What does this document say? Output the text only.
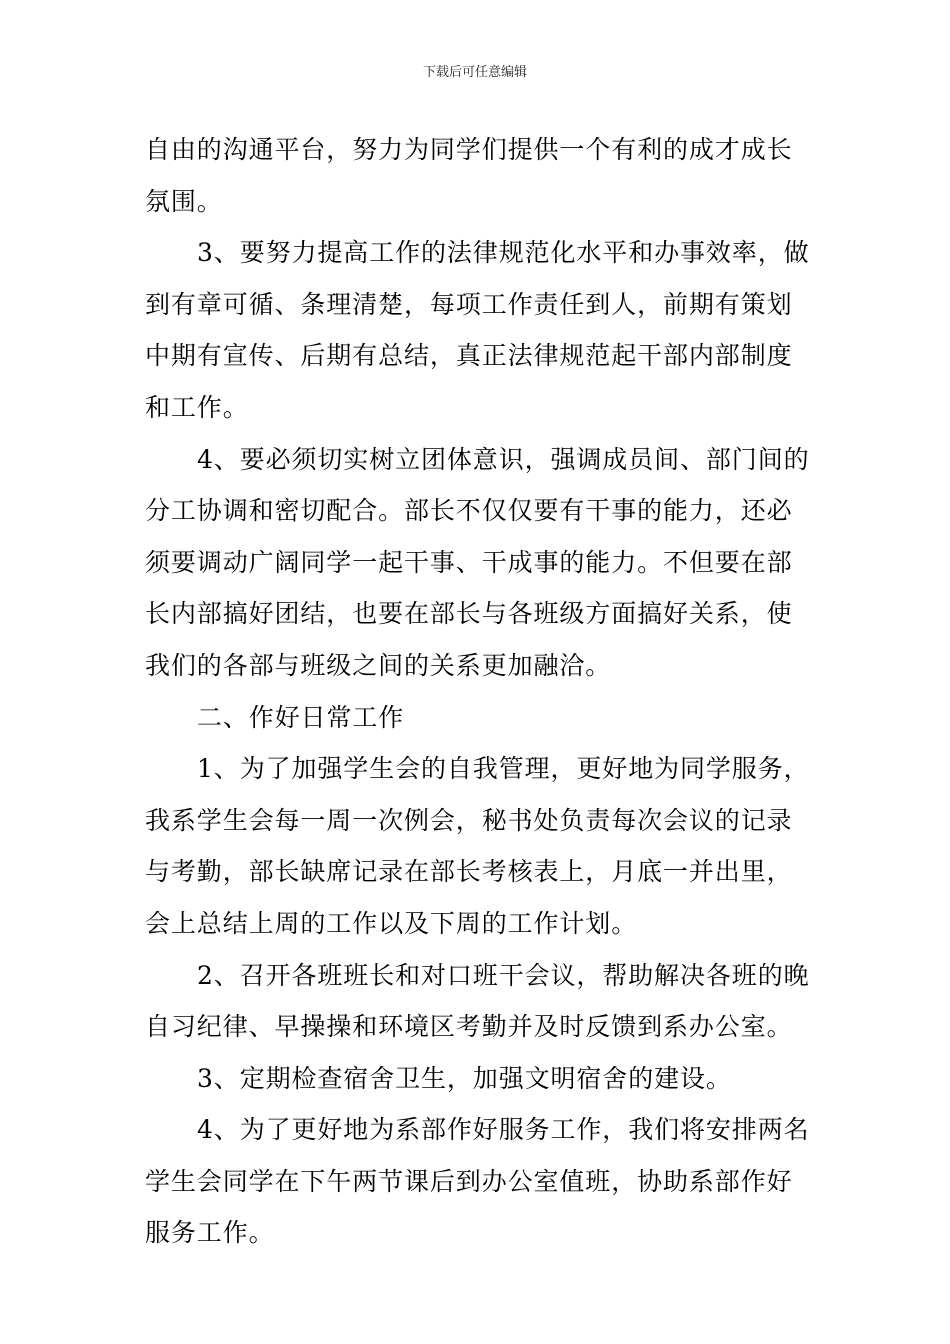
下载后可任意编辑
自由的沟通平台，努力为同学们提供一个有利的成才成长
氛围。
3、要努力提高工作的法律规范化水平和办事效率，做
到有章可循、条理清楚，每项工作责任到人，前期有策划
中期有宣传、后期有总结，真正法律规范起干部内部制度
和工作。
4、要必须切实树立团体意识，强调成员间、部门间的
分工协调和密切配合。部长不仅仅要有干事的能力，还必
须要调动广阔同学一起干事、干成事的能力。不但要在部
长内部搞好团结，也要在部长与各班级方面搞好关系，使
我们的各部与班级之间的关系更加融洽。
二、作好日常工作
1、为了加强学生会的自我管理，更好地为同学服务，
我系学生会每一周一次例会，秘书处负责每次会议的记录
与考勤，部长缺席记录在部长考核表上，月底一并出里，
会上总结上周的工作以及下周的工作计划。
2、召开各班班长和对口班干会议，帮助解决各班的晚
自习纪律、早操操和环境区考勤并及时反馈到系办公室。
3、定期检查宿舍卫生，加强文明宿舍的建设。
4、为了更好地为系部作好服务工作，我们将安排两名
学生会同学在下午两节课后到办公室值班，协助系部作好
服务工作。
